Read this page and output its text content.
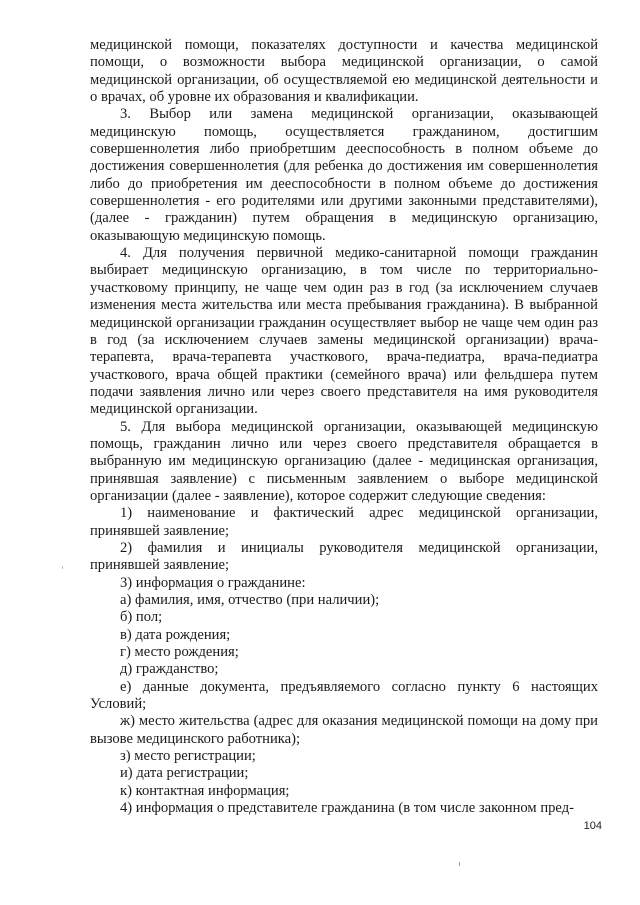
медицинской помощи, показателях доступности и качества медицинской помощи, о возможности выбора медицинской организации, о самой медицинской организации, об осуществляемой ею медицинской деятельности и о врачах, об уровне их образования и квалификации.

3. Выбор или замена медицинской организации, оказывающей медицинскую помощь, осуществляется гражданином, достигшим совершеннолетия либо приобретшим дееспособность в полном объеме до достижения совершеннолетия (для ребенка до достижения им совершеннолетия либо до приобретения им дееспособности в полном объеме до достижения совершеннолетия - его родителями или другими законными представителями), (далее - гражданин) путем обращения в медицинскую организацию, оказывающую медицинскую помощь.

4. Для получения первичной медико-санитарной помощи гражданин выбирает медицинскую организацию, в том числе по территориально-участковому принципу, не чаще чем один раз в год (за исключением случаев изменения места жительства или места пребывания гражданина). В выбранной медицинской организации гражданин осуществляет выбор не чаще чем один раз в год (за исключением случаев замены медицинской организации) врача-терапевта, врача-терапевта участкового, врача-педиатра, врача-педиатра участкового, врача общей практики (семейного врача) или фельдшера путем подачи заявления лично или через своего представителя на имя руководителя медицинской организации.

5. Для выбора медицинской организации, оказывающей медицинскую помощь, гражданин лично или через своего представителя обращается в выбранную им медицинскую организацию (далее - медицинская организация, принявшая заявление) с письменным заявлением о выборе медицинской организации (далее - заявление), которое содержит следующие сведения:

1) наименование и фактический адрес медицинской организации, принявшей заявление;

2) фамилия и инициалы руководителя медицинской организации, принявшей заявление;

3) информация о гражданине:

а) фамилия, имя, отчество (при наличии);

б) пол;

в) дата рождения;

г) место рождения;

д) гражданство;

е) данные документа, предъявляемого согласно пункту 6 настоящих Условий;

ж) место жительства (адрес для оказания медицинской помощи на дому при вызове медицинского работника);

з) место регистрации;

и) дата регистрации;

к) контактная информация;

4) информация о представителе гражданина (в том числе законном пред-

104
